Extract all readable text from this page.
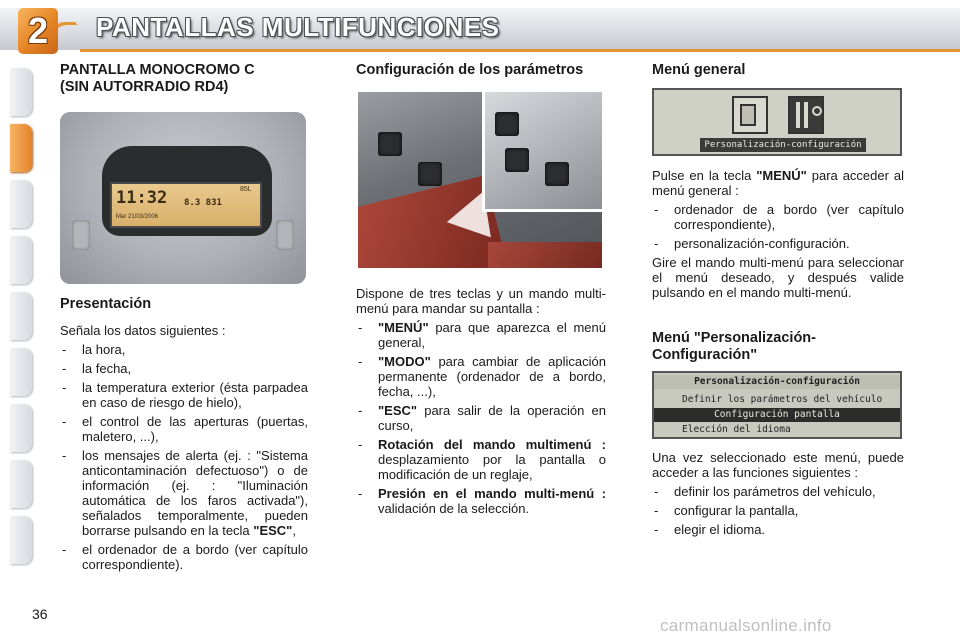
2	PANTALLAS MULTIFUNCIONES
PANTALLA MONOCROMO C
(SIN AUTORRADIO RD4)
11:32
Mar 21/03/2006
8.3 831
85L
Presentación

Señala los datos siguientes :

- la hora,
- la fecha,
- la temperatura exterior (ésta parpadea en caso de riesgo de hielo),
- el control de las aperturas (puertas, maletero, ...),
- los mensajes de alerta (ej. : "Sistema anticontaminación defectuoso") o de información (ej. : "Iluminación automática de los faros activada"), señalados temporalmente, pueden borrarse pulsando en la tecla "ESC",
- el ordenador de a bordo (ver capítulo correspondiente).
Configuración de los parámetros

Dispone de tres teclas y un mando multi-menú para mandar su pantalla :

- "MENÚ" para que aparezca el menú general,
- "MODO" para cambiar de aplicación permanente (ordenador de a bordo, fecha, ...),
- "ESC" para salir de la operación en curso,
- Rotación del mando multimenú : desplazamiento por la pantalla o modificación de un reglaje,
- Presión en el mando multi-menú : validación de la selección.
Menú general
Personalización-configuración

Pulse en la tecla "MENÚ" para acceder al menú general :

- ordenador de a bordo (ver capítulo correspondiente),
- personalización-configuración.

Gire el mando multi-menú para seleccionar el menú deseado, y después valide pulsando en el mando multi-menú.

Menú "Personalización-
Configuración"
Personalización-configuración
Definir los parámetros del vehículo
Configuración pantalla
Elección del idioma

Una vez seleccionado este menú, puede acceder a las funciones siguientes :

- definir los parámetros del vehículo,
- configurar la pantalla,
- elegir el idioma.
36
carmanualsonline.info
